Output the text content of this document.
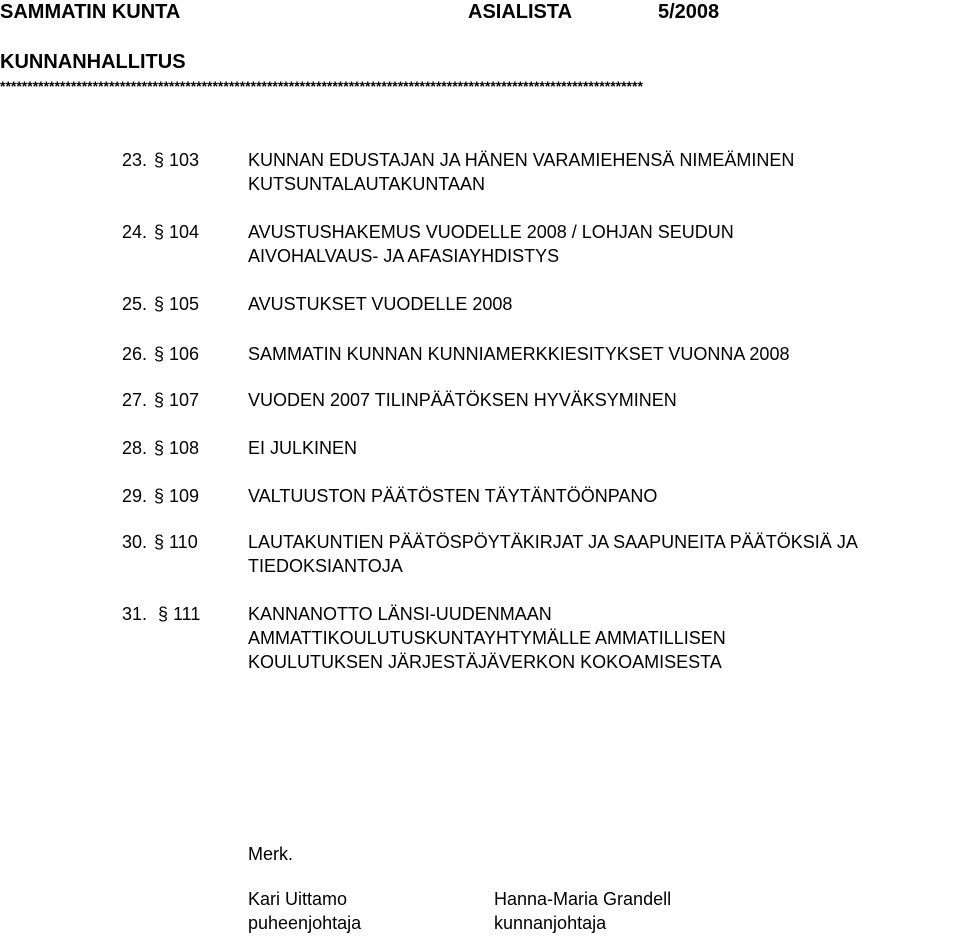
SAMMATIN KUNTA	ASIALISTA	5/2008
KUNNANHALLITUS
**********************************************************************************************************************
23. § 103	KUNNAN EDUSTAJAN JA HÄNEN VARAMIEHENSÄ NIMEÄMINEN
KUTSUNTALAUTAKUNTAAN
24. § 104	AVUSTUSHAKEMUS VUODELLE 2008 / LOHJAN SEUDUN
AIVOHALVAUS- JA AFASIAYHDISTYS
25. § 105	AVUSTUKSET VUODELLE 2008
26. § 106	SAMMATIN KUNNAN KUNNIAMERKKIESITYKSET VUONNA 2008
27. § 107	VUODEN 2007 TILINPÄÄTÖKSEN HYVÄKSYMINEN
28. § 108	EI JULKINEN
29. § 109	VALTUUSTON PÄÄTÖSTEN TÄYTÄNTÖÖNPANO
30. § 110	LAUTAKUNTIEN PÄÄTÖSPÖYTÄKIRJAT JA SAAPUNEITA PÄÄTÖKSIÄ JA
TIEDOKSIANTOJA
31. § 111	KANNANOTTO LÄNSI-UUDENMAAN
AMMATTIKOULUTUSKUNTAYHTYMÄLLE AMMATILLISEN
KOULUTUKSEN JÄRJESTÄJÄVERKON KOKOAMISESTA
Merk.
Kari Uittamo
puheenjohtaja
Hanna-Maria Grandell
kunnanjohtaja
